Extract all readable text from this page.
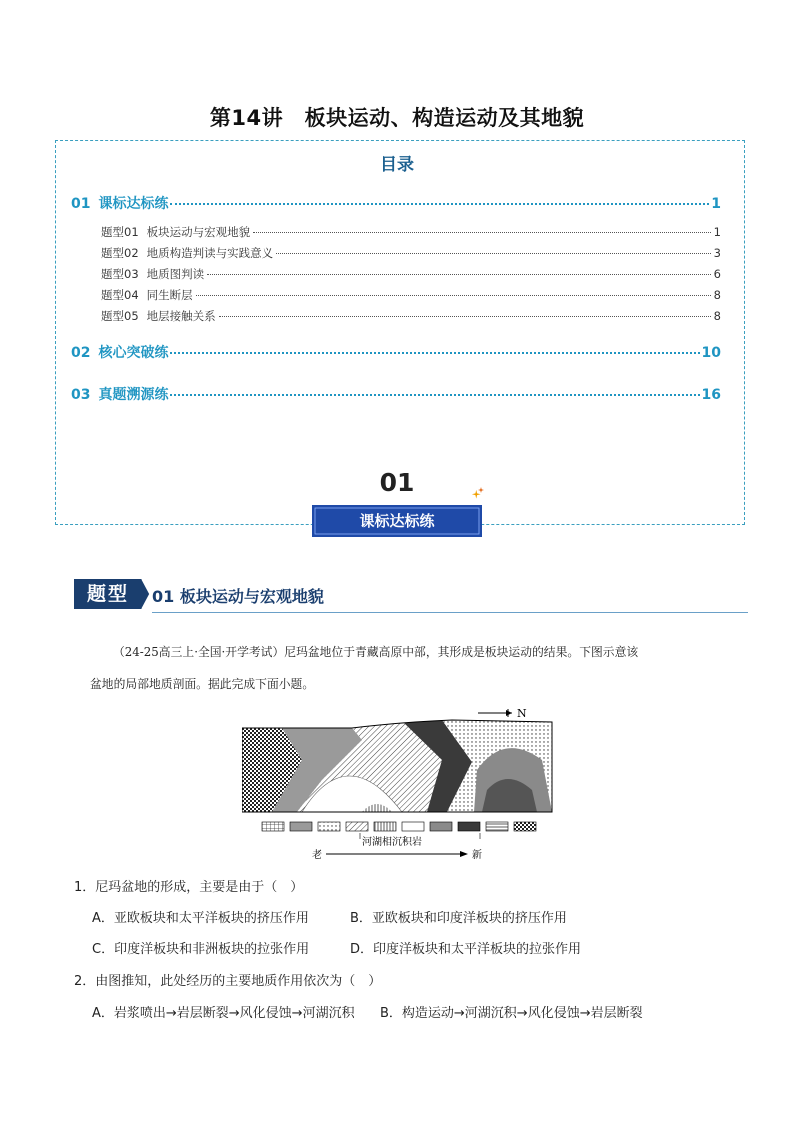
第14讲　板块运动、构造运动及其地貌
目录
01 课标达标练	1
题型01 板块运动与宏观地貌	1
题型02 地质构造判读与实践意义	3
题型03 地质图判读	6
题型04 同生断层	8
题型05 地层接触关系	8
02 核心突破练	10
03 真题溯源练	16
01
课标达标练
题型	01 板块运动与宏观地貌
（24-25高三上·全国·开学考试）尼玛盆地位于青藏高原中部，其形成是板块运动的结果。下图示意该
盆地的局部地质剖面。据此完成下面小题。
N
河湖相沉积岩
老	新
1．尼玛盆地的形成，主要是由于（　）
A．亚欧板块和太平洋板块的挤压作用	B．亚欧板块和印度洋板块的挤压作用
C．印度洋板块和非洲板块的拉张作用	D．印度洋板块和太平洋板块的拉张作用
2．由图推知，此处经历的主要地质作用依次为（　）
A．岩浆喷出→岩层断裂→风化侵蚀→河湖沉积 B．构造运动→河湖沉积→风化侵蚀→岩层断裂
